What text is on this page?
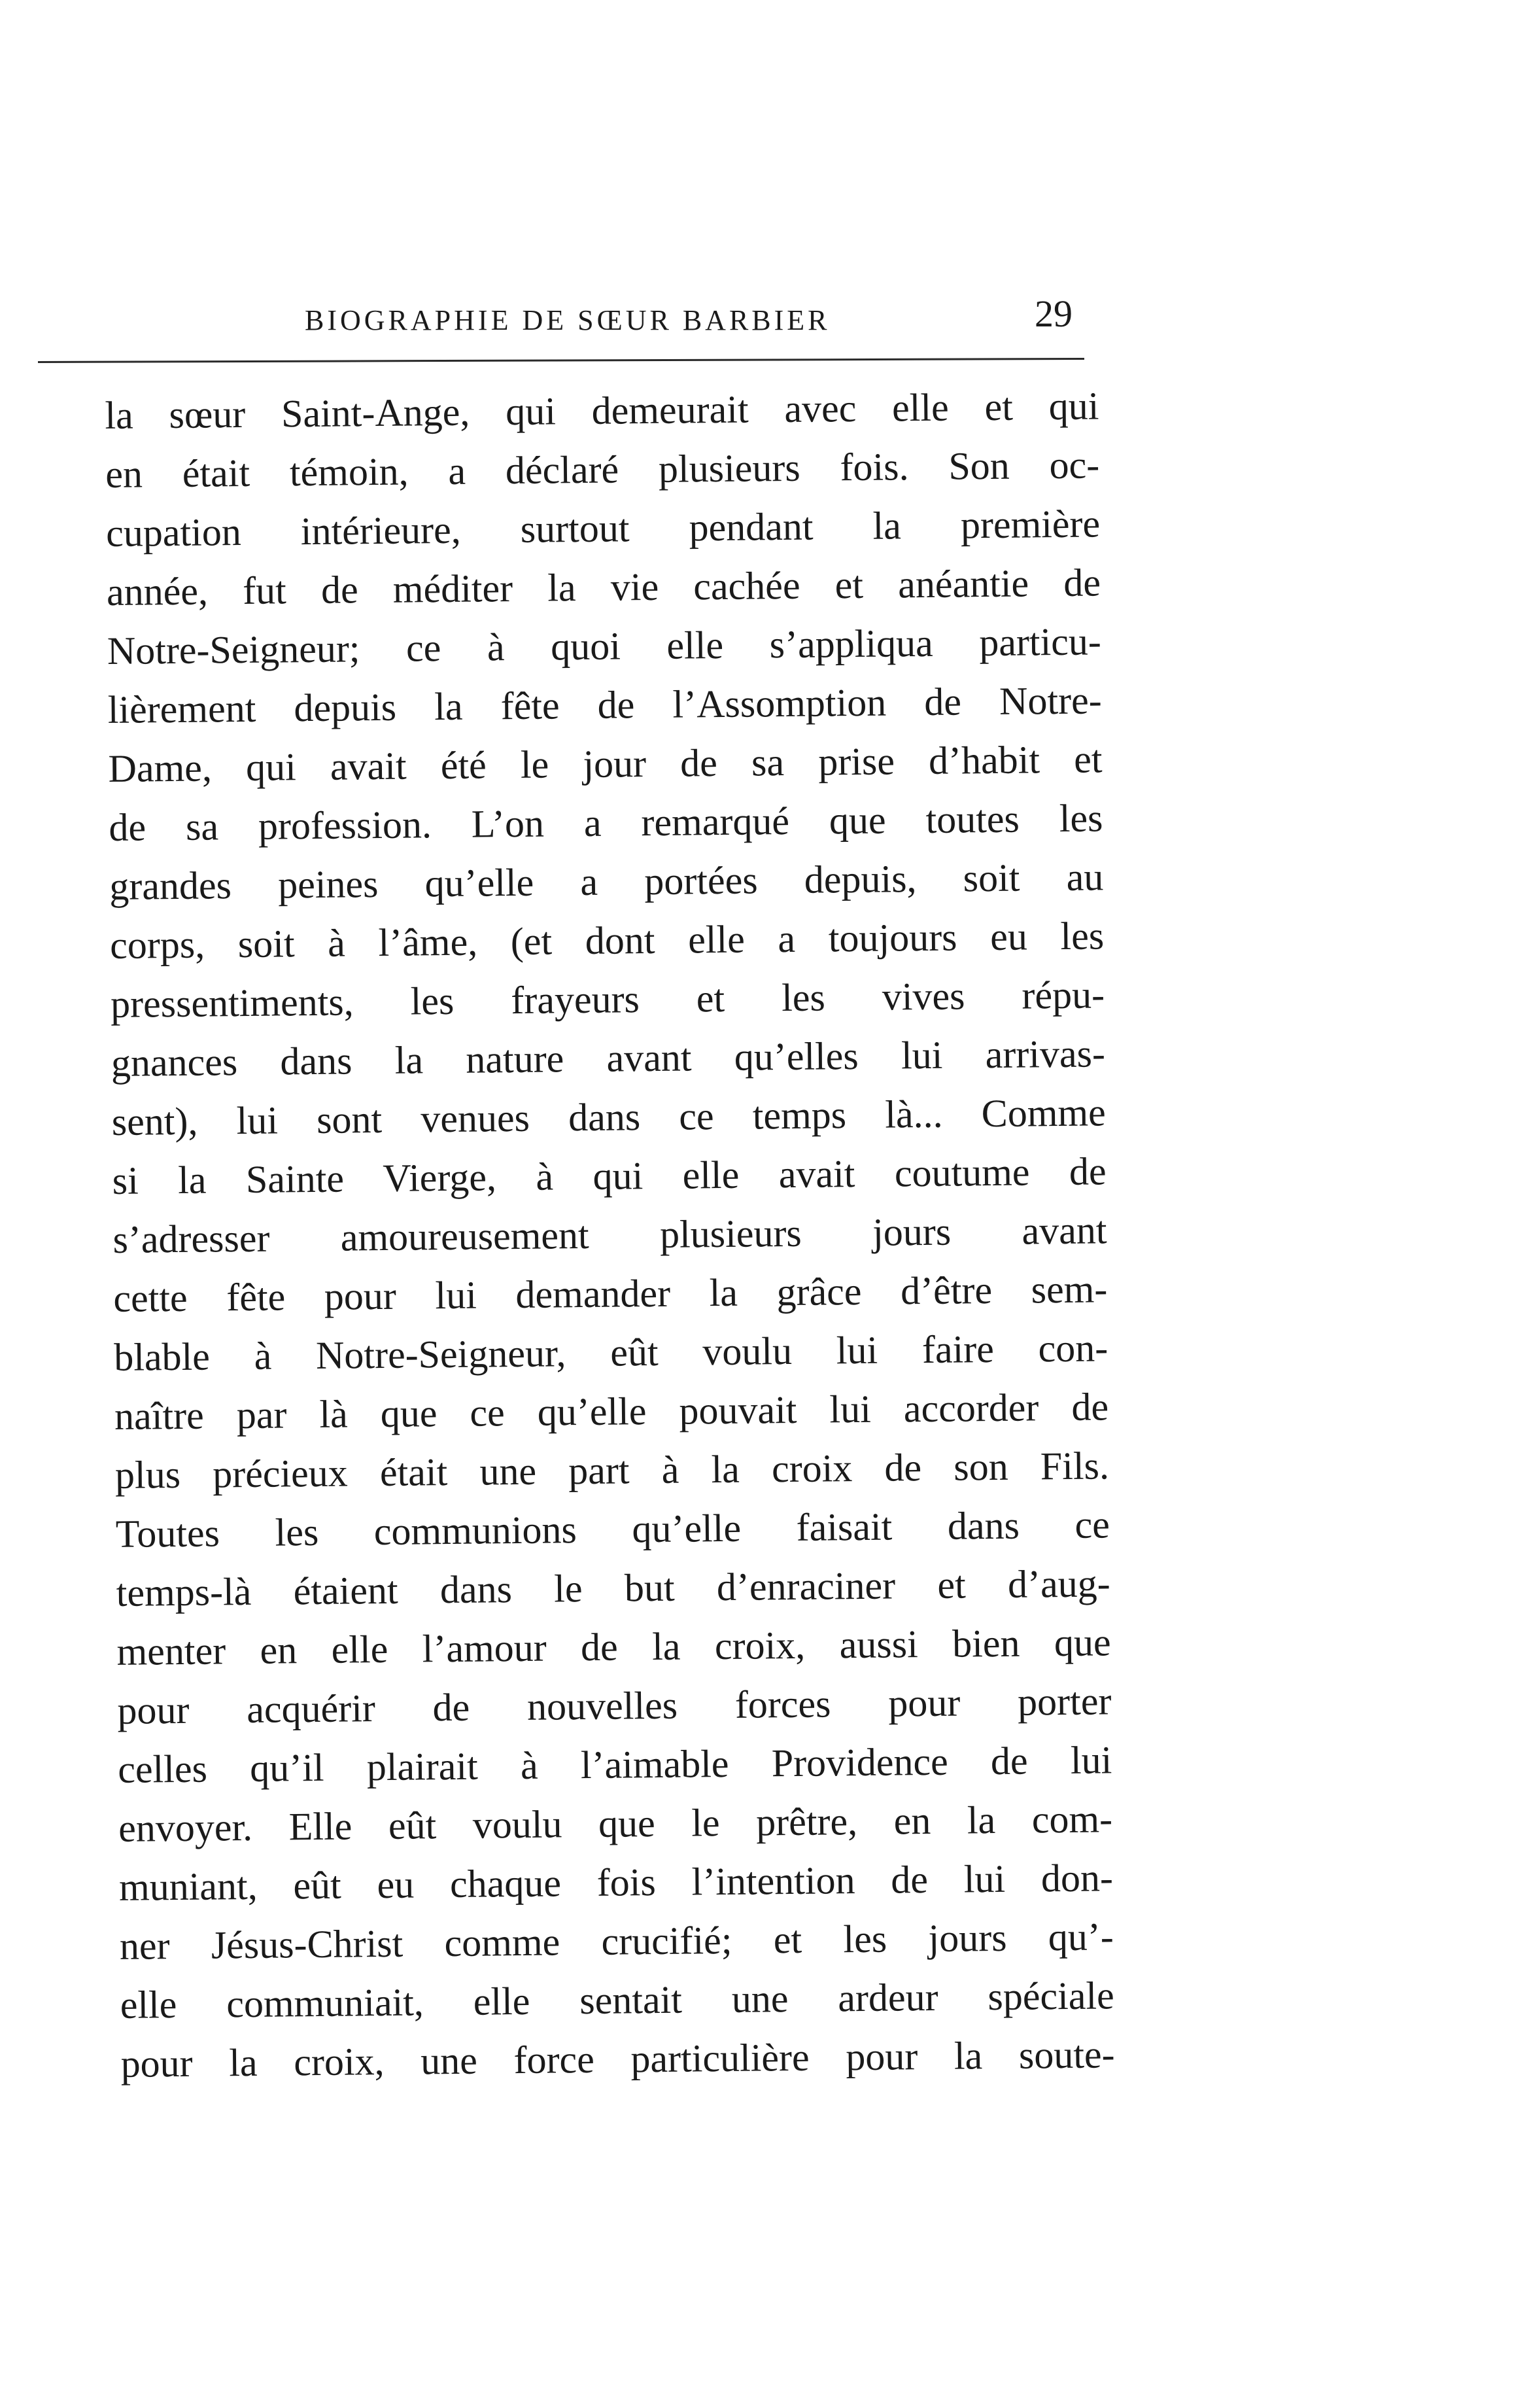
BIOGRAPHIE DE SŒUR BARBIER	29
la sœur Saint-Ange, qui demeurait avec elle et qui
en était témoin, a déclaré plusieurs fois. Son oc-
cupation intérieure, surtout pendant la première
année, fut de méditer la vie cachée et anéantie de
Notre-Seigneur; ce à quoi elle s’appliqua particu-
lièrement depuis la fête de l’Assomption de Notre-
Dame, qui avait été le jour de sa prise d’habit et
de sa profession. L’on a remarqué que toutes les
grandes peines qu’elle a portées depuis, soit au
corps, soit à l’âme, (et dont elle a toujours eu les
pressentiments, les frayeurs et les vives répu-
gnances dans la nature avant qu’elles lui arrivas-
sent), lui sont venues dans ce temps là... Comme
si la Sainte Vierge, à qui elle avait coutume de
s’adresser amoureusement plusieurs jours avant
cette fête pour lui demander la grâce d’être sem-
blable à Notre-Seigneur, eût voulu lui faire con-
naître par là que ce qu’elle pouvait lui accorder de
plus précieux était une part à la croix de son Fils.
Toutes les communions qu’elle faisait dans ce
temps-là étaient dans le but d’enraciner et d’aug-
menter en elle l’amour de la croix, aussi bien que
pour acquérir de nouvelles forces pour porter
celles qu’il plairait à l’aimable Providence de lui
envoyer. Elle eût voulu que le prêtre, en la com-
muniant, eût eu chaque fois l’intention de lui don-
ner Jésus-Christ comme crucifié; et les jours qu’-
elle communiait, elle sentait une ardeur spéciale
pour la croix, une force particulière pour la soute-
